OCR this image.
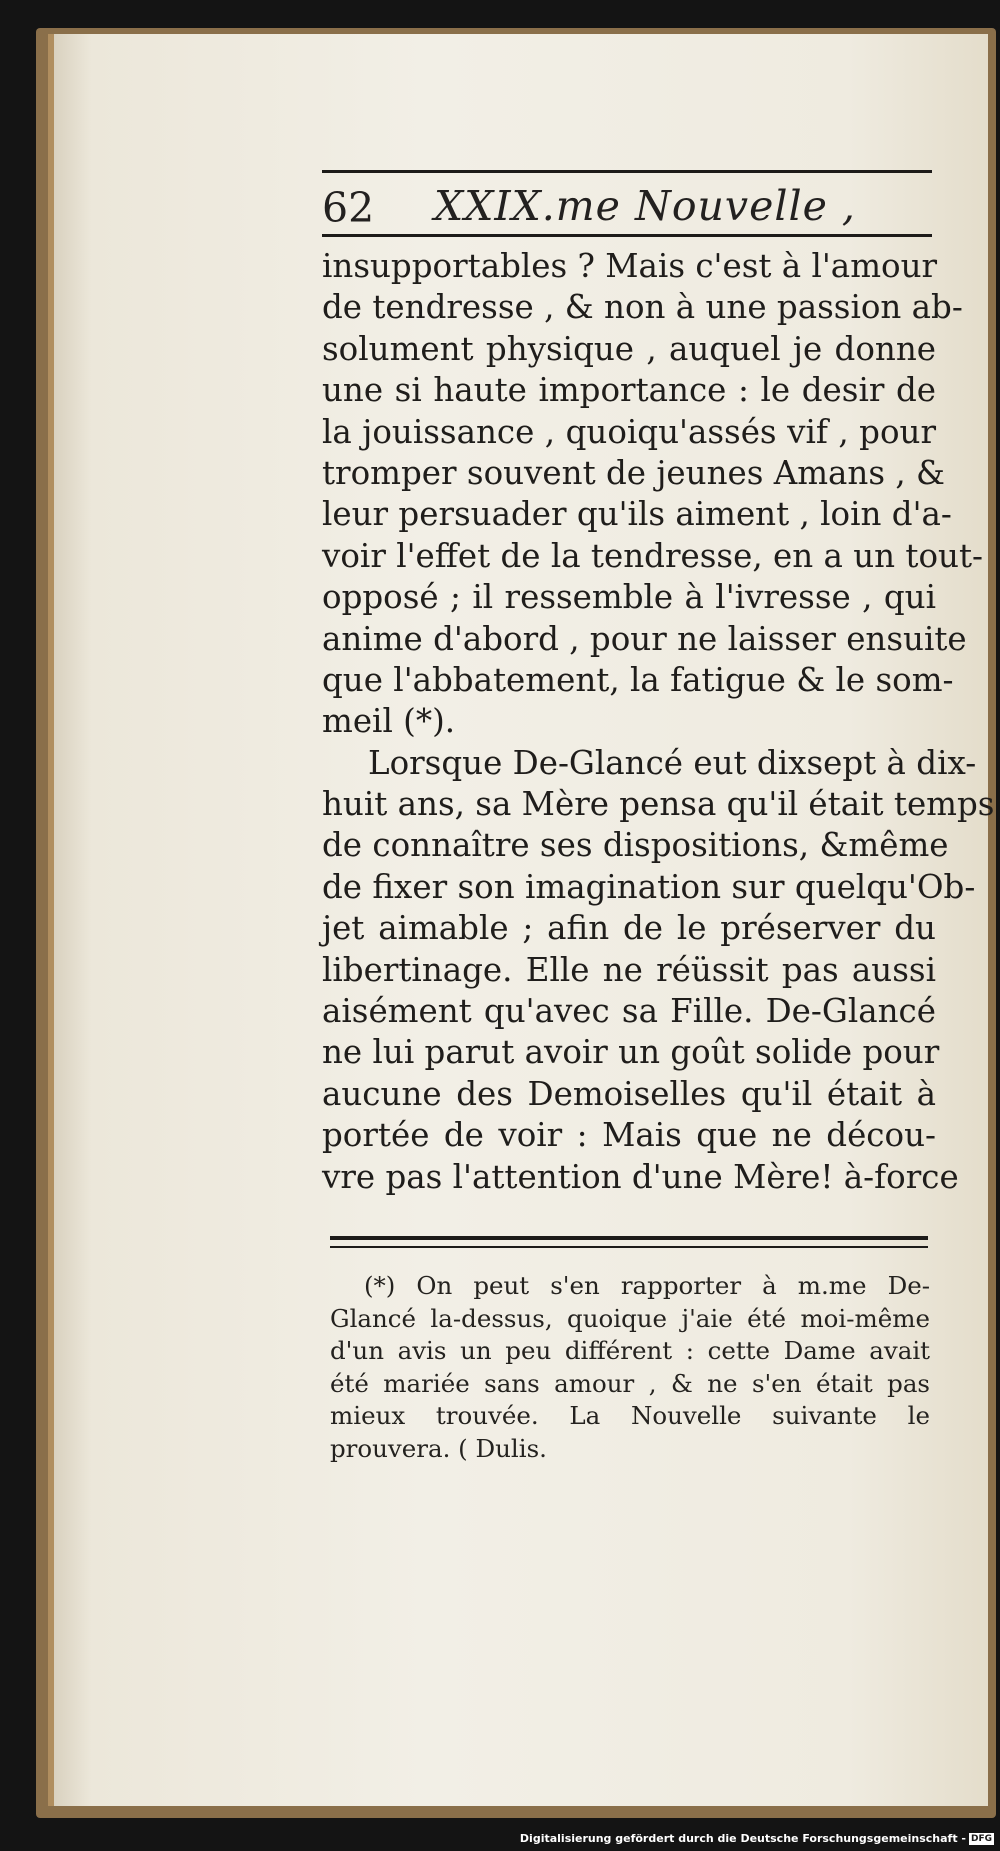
62 XXIX.me Nouvelle ,
insupportables ? Mais c'est à l'amour
de tendresse , & non à une passion ab-
solument physique , auquel je donne
une si haute importance : le desir de
la jouissance , quoiqu'assés vif , pour
tromper souvent de jeunes Amans , &
leur persuader qu'ils aiment , loin d'a-
voir l'effet de la tendresse, en a un tout-
opposé ; il ressemble à l'ivresse , qui
anime d'abord , pour ne laisser ensuite
que l'abbatement, la fatigue & le som-
meil (*).
Lorsque De-Glancé eut dixsept à dix-
huit ans, sa Mère pensa qu'il était temps
de connaître ses dispositions, &même
de fixer son imagination sur quelqu'Ob-
jet aimable ; afin de le préserver du
libertinage. Elle ne réüssit pas aussi
aisément qu'avec sa Fille. De-Glancé
ne lui parut avoir un goût solide pour
aucune des Demoiselles qu'il était à
portée de voir : Mais que ne décou-
vre pas l'attention d'une Mère! à-force
(*) On peut s'en rapporter à m.me De-
Glancé la-dessus, quoique j'aie été moi-même
d'un avis un peu différent : cette Dame avait
été mariée sans amour , & ne s'en était pas
mieux trouvée. La Nouvelle suivante le
prouvera. ( Dulis.
Digitalisierung gefördert durch die Deutsche Forschungsgemeinschaft - DFG
